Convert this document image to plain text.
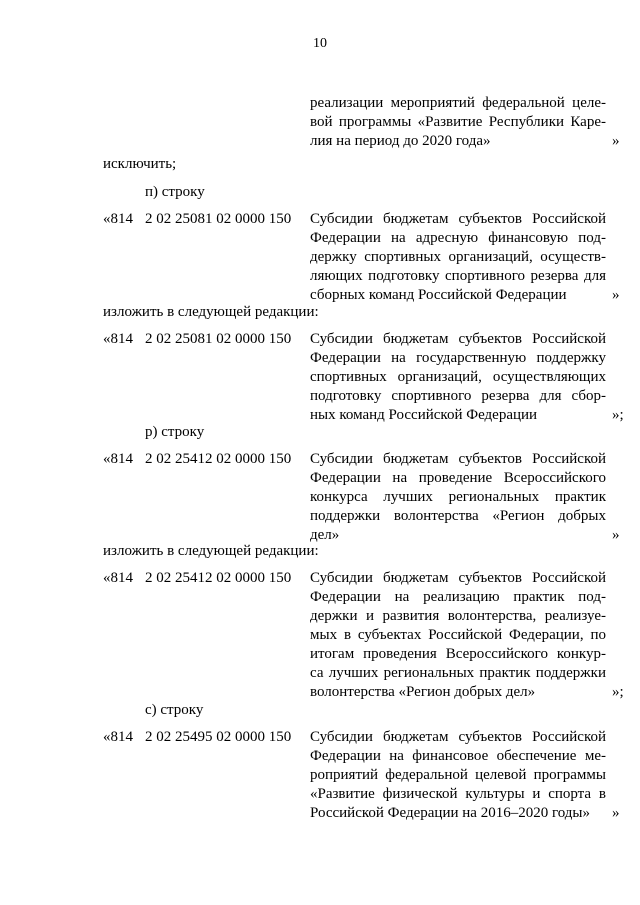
10
реализации мероприятий федеральной целе-
вой программы «Развитие Республики Каре-
лия на период до 2020 года»	»
исключить;
п) строку
«814 2 02 25081 02 0000 150 Субсидии бюджетам субъектов Российской
Федерации на адресную финансовую под-
держку спортивных организаций, осуществ-
ляющих подготовку спортивного резерва для
сборных команд Российской Федерации	»
изложить в следующей редакции:
«814 2 02 25081 02 0000 150 Субсидии бюджетам субъектов Российской
Федерации на государственную поддержку
спортивных организаций, осуществляющих
подготовку спортивного резерва для сбор-
ных команд Российской Федерации	»;
р) строку
«814 2 02 25412 02 0000 150 Субсидии бюджетам субъектов Российской
Федерации на проведение Всероссийского
конкурса лучших региональных практик
поддержки волонтерства «Регион добрых
дел»	»
изложить в следующей редакции:
«814 2 02 25412 02 0000 150 Субсидии бюджетам субъектов Российской
Федерации на реализацию практик под-
держки и развития волонтерства, реализуе-
мых в субъектах Российской Федерации, по
итогам проведения Всероссийского конкур-
са лучших региональных практик поддержки
волонтерства «Регион добрых дел»	»;
с) строку
«814 2 02 25495 02 0000 150 Субсидии бюджетам субъектов Российской
Федерации на финансовое обеспечение ме-
роприятий федеральной целевой программы
«Развитие физической культуры и спорта в
Российской Федерации на 2016–2020 годы»	»
